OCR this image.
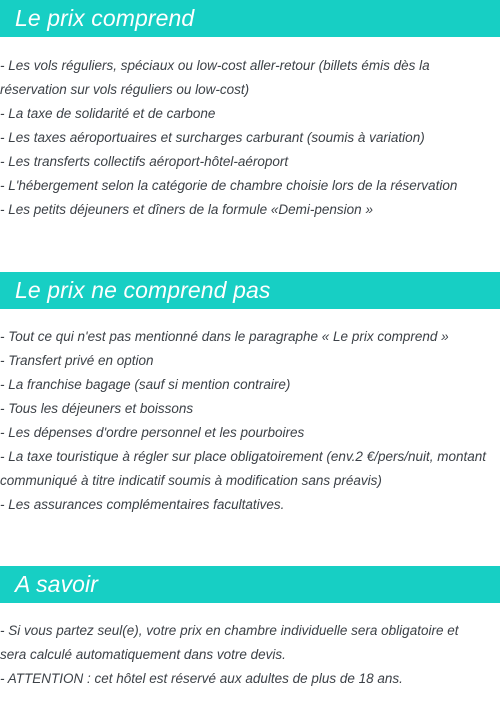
Le prix comprend
- Les vols réguliers, spéciaux ou low-cost aller-retour (billets émis dès la réservation sur vols réguliers ou low-cost)
- La taxe de solidarité et de carbone
- Les taxes aéroportuaires et surcharges carburant (soumis à variation)
- Les transferts collectifs aéroport-hôtel-aéroport
- L'hébergement selon la catégorie de chambre choisie lors de la réservation
- Les petits déjeuners et dîners de la formule «Demi-pension »
Le prix ne comprend pas
- Tout ce qui n'est pas mentionné dans le paragraphe « Le prix comprend »
- Transfert privé en option
- La franchise bagage (sauf si mention contraire)
- Tous les déjeuners et boissons
- Les dépenses d'ordre personnel et les pourboires
- La taxe touristique à régler sur place obligatoirement (env.2 €/pers/nuit, montant communiqué à titre indicatif soumis à modification sans préavis)
- Les assurances complémentaires facultatives.
A savoir
- Si vous partez seul(e), votre prix en chambre individuelle sera obligatoire et sera calculé automatiquement dans votre devis.
- ATTENTION : cet hôtel est réservé aux adultes de plus de 18 ans.
